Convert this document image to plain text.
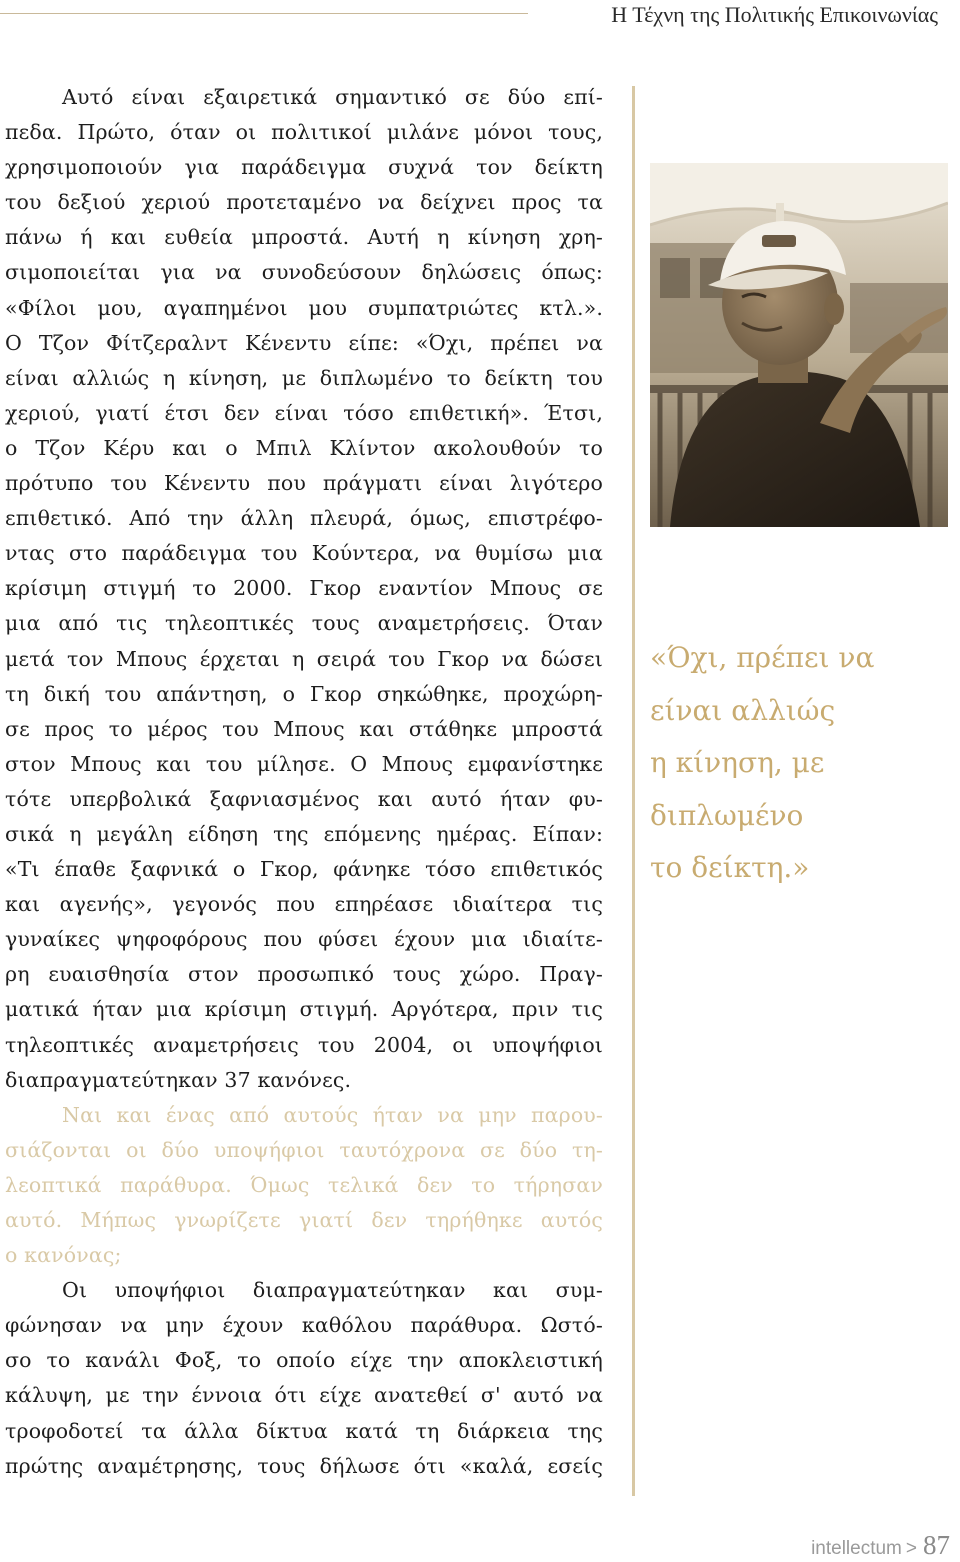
Η Τέχνη της Πολιτικής Επικοινωνίας

Αυτό είναι εξαιρετικά σημαντικό σε δύο επί-
πεδα. Πρώτο, όταν οι πολιτικοί μιλάνε μόνοι τους,
χρησιμοποιούν για παράδειγμα συχνά τον δείκτη
του δεξιού χεριού προτεταμένο να δείχνει προς τα
πάνω ή και ευθεία μπροστά. Αυτή η κίνηση χρη-
σιμοποιείται για να συνοδεύσουν δηλώσεις όπως:
«Φίλοι μου, αγαπημένοι μου συμπατριώτες κτλ.».
Ο Τζον Φίτζεραλντ Κένεντυ είπε: «Όχι, πρέπει να
είναι αλλιώς η κίνηση, με διπλωμένο το δείκτη του
χεριού, γιατί έτσι δεν είναι τόσο επιθετική». Έτσι,
ο Τζον Κέρυ και ο Μπιλ Κλίντον ακολουθούν το
πρότυπο του Κένεντυ που πράγματι είναι λιγότερο
επιθετικό. Από την άλλη πλευρά, όμως, επιστρέφο-
ντας στο παράδειγμα του Κούντερα, να θυμίσω μια
κρίσιμη στιγμή το 2000. Γκορ εναντίον Μπους σε
μια από τις τηλεοπτικές τους αναμετρήσεις. Όταν
μετά τον Μπους έρχεται η σειρά του Γκορ να δώσει
τη δική του απάντηση, ο Γκορ σηκώθηκε, προχώρη-
σε προς το μέρος του Μπους και στάθηκε μπροστά
στον Μπους και του μίλησε. Ο Μπους εμφανίστηκε
τότε υπερβολικά ξαφνιασμένος και αυτό ήταν φυ-
σικά η μεγάλη είδηση της επόμενης ημέρας. Είπαν:
«Τι έπαθε ξαφνικά ο Γκορ, φάνηκε τόσο επιθετικός
και αγενής», γεγονός που επηρέασε ιδιαίτερα τις
γυναίκες ψηφοφόρους που φύσει έχουν μια ιδιαίτε-
ρη ευαισθησία στον προσωπικό τους χώρο. Πραγ-
ματικά ήταν μια κρίσιμη στιγμή. Αργότερα, πριν τις
τηλεοπτικές αναμετρήσεις του 2004, οι υποψήφιοι
διαπραγματεύτηκαν 37 κανόνες.

Ναι και ένας από αυτούς ήταν να μην παρου-
σιάζονται οι δύο υποψήφιοι ταυτόχρονα σε δύο τη-
λεοπτικά παράθυρα. Όμως τελικά δεν το τήρησαν
αυτό. Μήπως γνωρίζετε γιατί δεν τηρήθηκε αυτός
ο κανόνας;

Οι υποψήφιοι διαπραγματεύτηκαν και συμ-
φώνησαν να μην έχουν καθόλου παράθυρα. Ωστό-
σο το κανάλι Φοξ, το οποίο είχε την αποκλειστική
κάλυψη, με την έννοια ότι είχε ανατεθεί σ' αυτό να
τροφοδοτεί τα άλλα δίκτυα κατά τη διάρκεια της
πρώτης αναμέτρησης, τους δήλωσε ότι «καλά, εσείς

«Όχι, πρέπει να
είναι αλλιώς
η κίνηση, με
διπλωμένο
το δείκτη.»

intellectum > 87
